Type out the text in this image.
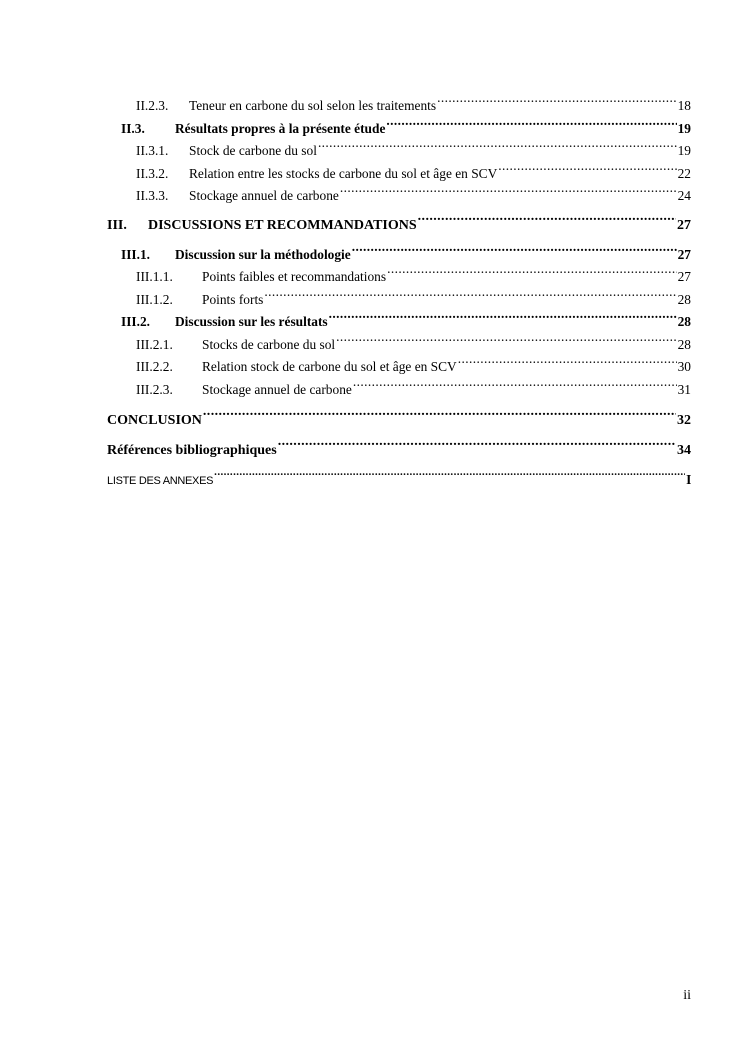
II.2.3.	Teneur en carbone du sol selon les traitements .....	18
II.3.	Résultats propres à la présente étude .....	19
II.3.1.	Stock de carbone du sol .....	19
II.3.2.	Relation entre les stocks de carbone du sol et âge en SCV .....	22
II.3.3.	Stockage annuel de carbone .....	24
III.	DISCUSSIONS ET RECOMMANDATIONS .....	27
III.1.	Discussion sur la méthodologie .....	27
III.1.1.	Points faibles et recommandations .....	27
III.1.2.	Points forts .....	28
III.2.	Discussion sur les résultats .....	28
III.2.1.	Stocks de carbone du sol .....	28
III.2.2.	Relation stock de carbone du sol et âge en SCV .....	30
III.2.3.	Stockage annuel de carbone .....	31
CONCLUSION .....	32
Références bibliographiques .....	34
LISTE DES ANNEXES .....	I
ii
